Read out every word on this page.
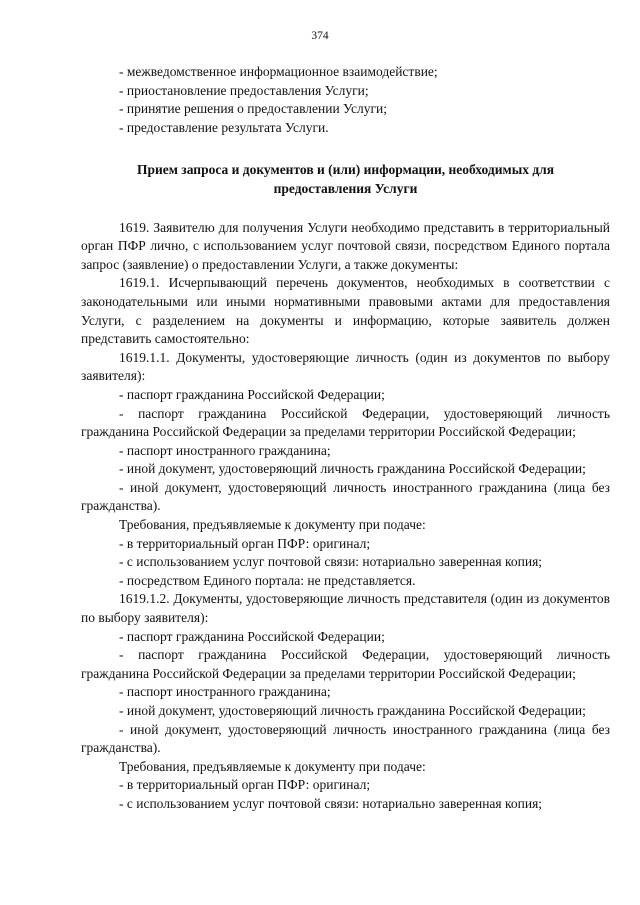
374
- межведомственное информационное взаимодействие;
- приостановление предоставления Услуги;
- принятие решения о предоставлении Услуги;
- предоставление результата Услуги.
Прием запроса и документов и (или) информации, необходимых для предоставления Услуги
1619. Заявителю для получения Услуги необходимо представить в территориальный орган ПФР лично, с использованием услуг почтовой связи, посредством Единого портала запрос (заявление) о предоставлении Услуги, а также документы:
1619.1. Исчерпывающий перечень документов, необходимых в соответствии с законодательными или иными нормативными правовыми актами для предоставления Услуги, с разделением на документы и информацию, которые заявитель должен представить самостоятельно:
1619.1.1. Документы, удостоверяющие личность (один из документов по выбору заявителя):
- паспорт гражданина Российской Федерации;
- паспорт гражданина Российской Федерации, удостоверяющий личность гражданина Российской Федерации за пределами территории Российской Федерации;
- паспорт иностранного гражданина;
- иной документ, удостоверяющий личность гражданина Российской Федерации;
- иной документ, удостоверяющий личность иностранного гражданина (лица без гражданства).
Требования, предъявляемые к документу при подаче:
- в территориальный орган ПФР: оригинал;
- с использованием услуг почтовой связи: нотариально заверенная копия;
- посредством Единого портала: не представляется.
1619.1.2. Документы, удостоверяющие личность представителя (один из документов по выбору заявителя):
- паспорт гражданина Российской Федерации;
- паспорт гражданина Российской Федерации, удостоверяющий личность гражданина Российской Федерации за пределами территории Российской Федерации;
- паспорт иностранного гражданина;
- иной документ, удостоверяющий личность гражданина Российской Федерации;
- иной документ, удостоверяющий личность иностранного гражданина (лица без гражданства).
Требования, предъявляемые к документу при подаче:
- в территориальный орган ПФР: оригинал;
- с использованием услуг почтовой связи: нотариально заверенная копия;
